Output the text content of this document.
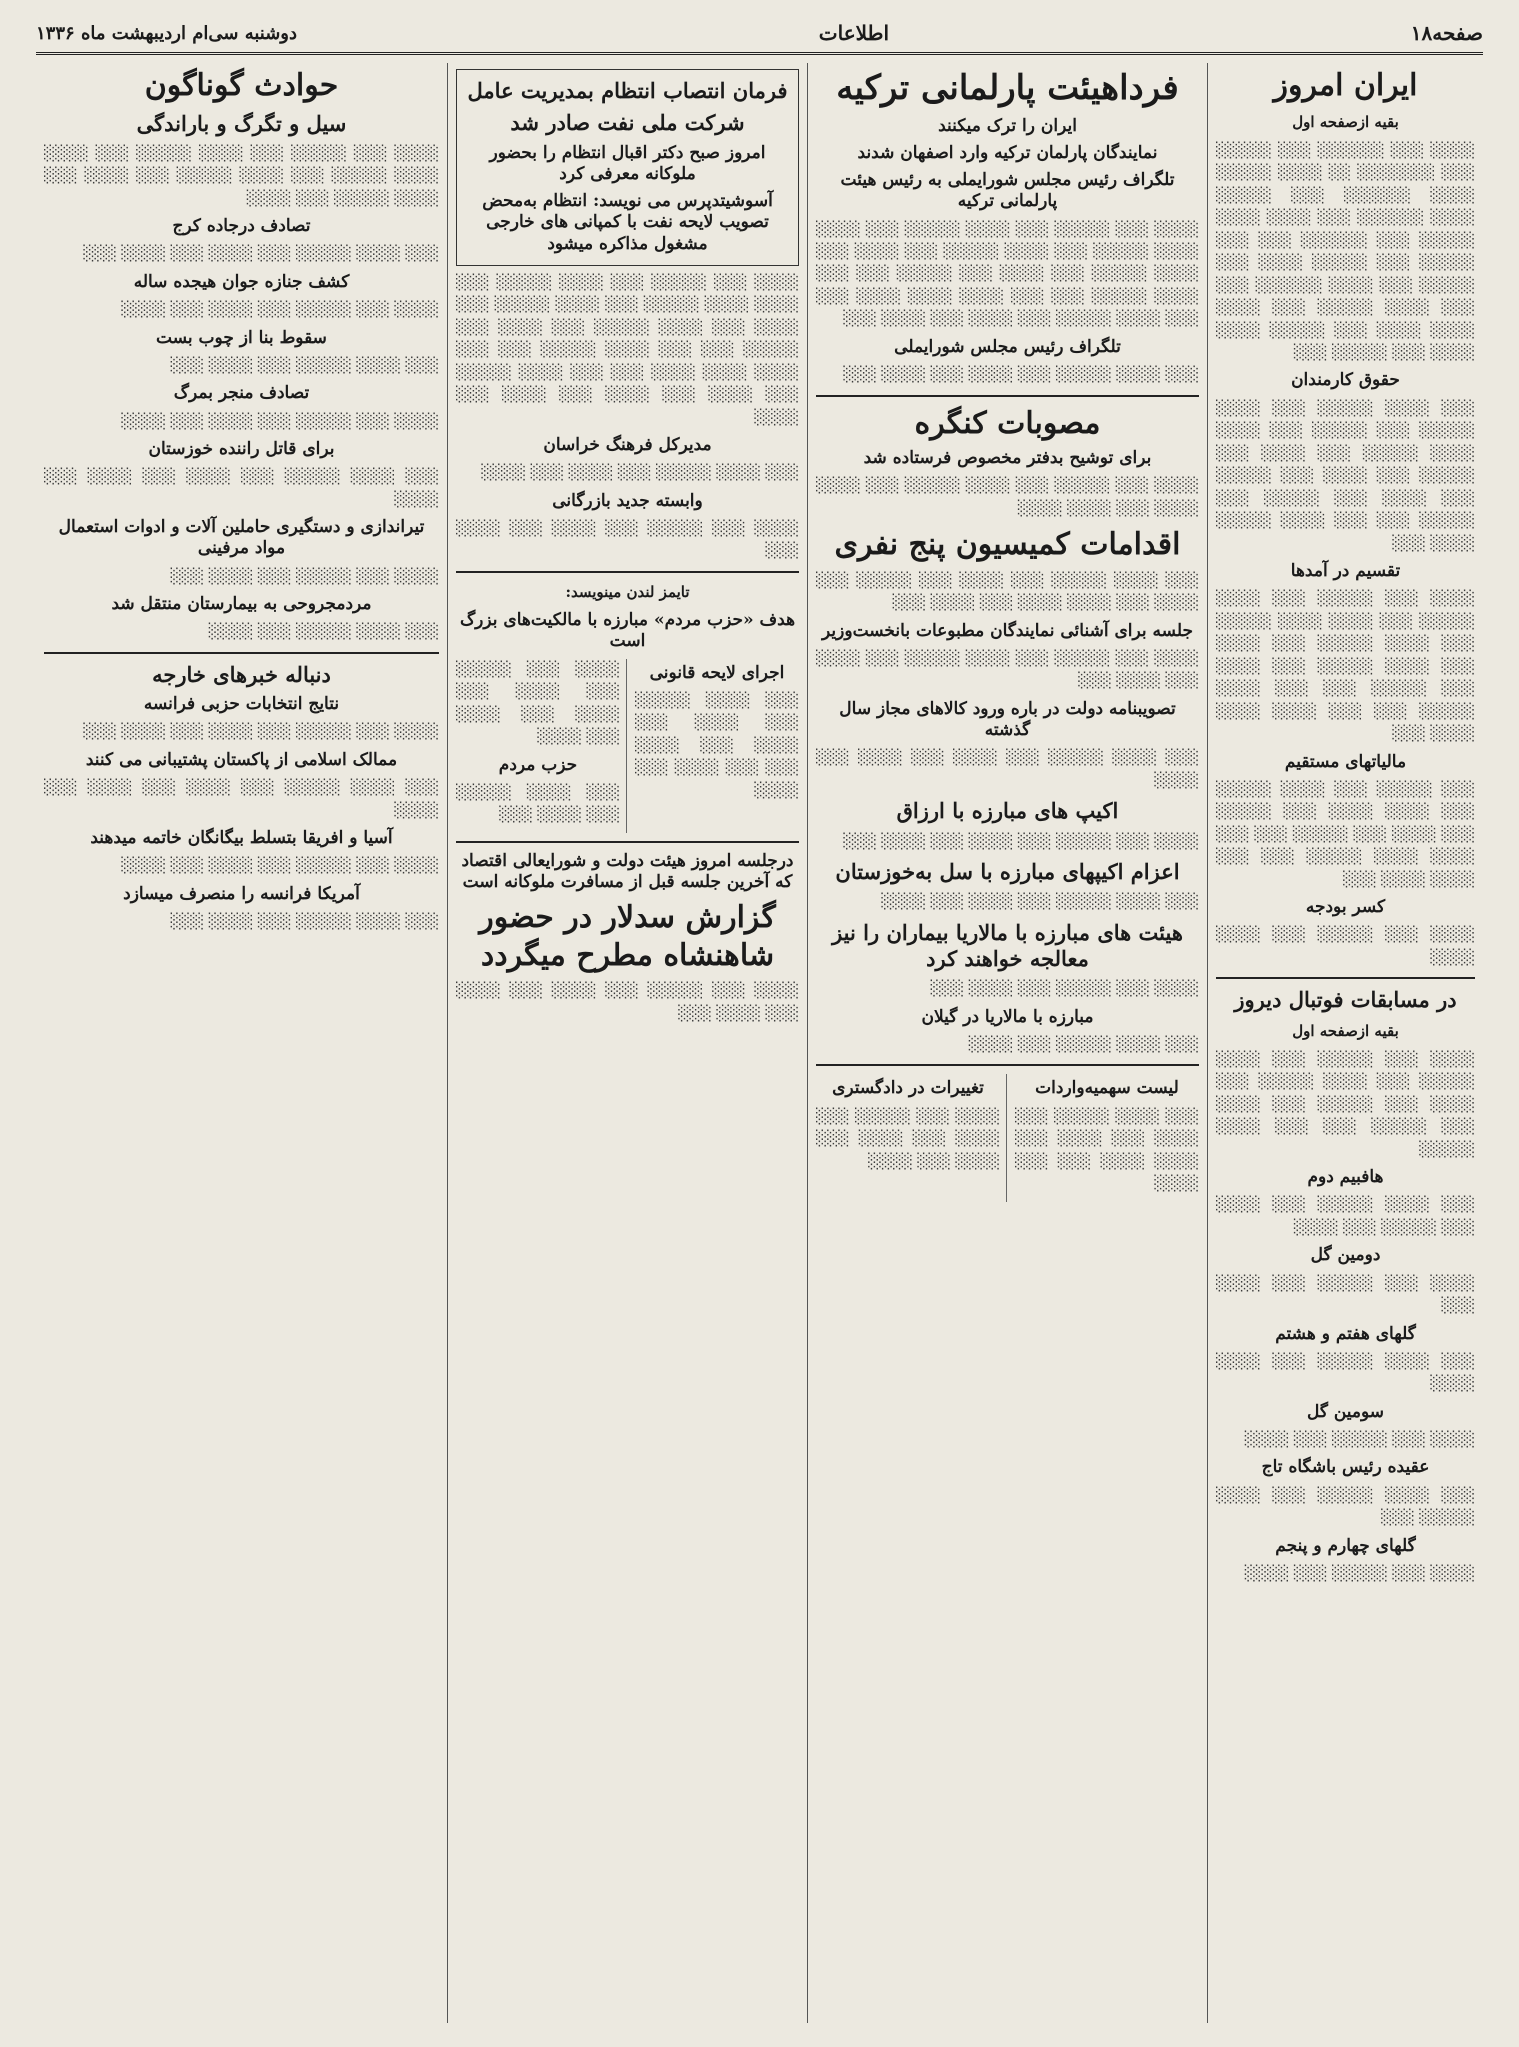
صفحه۱۸
اطلاعات
دوشنبه سی‌ام اردیبهشت ماه ۱۳۳۶
ایران امروز
بقیه ازصفحه اول

░░░░ ░░░ ░░░░░░ ░░░ ░░░░░ ░░░ ░░░░░░░ ░░ ░░░░ ░░░░░ ░░░░ ░░░░░░ ░░░ ░░░░░ ░░░░ ░░░░░░ ░░░ ░░░░ ░░░░ ░░░░░ ░░░ ░░░░░░ ░░░ ░░░ ░░░░░ ░░░ ░░░░░ ░░░░ ░░░ ░░░░░ ░░░ ░░░░ ░░░░░░ ░░░ ░░░ ░░░░ ░░░░░ ░░░ ░░░░ ░░░░ ░░░░ ░░░ ░░░░░ ░░░░ ░░░░ ░░░ ░░░░░ ░░░

حقوق کارمندان

░░░ ░░░░ ░░░░░ ░░░ ░░░░ ░░░░░ ░░░ ░░░░░ ░░░ ░░░░ ░░░░ ░░░░░ ░░░ ░░░░ ░░░ ░░░░░ ░░░ ░░░░ ░░░ ░░░░░ ░░░ ░░░░ ░░░ ░░░░░ ░░░ ░░░░░ ░░░ ░░░ ░░░░ ░░░░░ ░░░░ ░░░

تقسیم در آمدها

░░░░ ░░░ ░░░░░ ░░░ ░░░░ ░░░░░ ░░░ ░░░░ ░░░░ ░░░░░ ░░░ ░░░░ ░░░░░ ░░░ ░░░░ ░░░ ░░░░ ░░░░░ ░░░ ░░░░ ░░░ ░░░░░ ░░░ ░░░ ░░░░ ░░░░░ ░░░ ░░░ ░░░░ ░░░░ ░░░░ ░░░

مالیاتهای مستقیم

░░░ ░░░░░ ░░░ ░░░░ ░░░░░ ░░░ ░░░░ ░░░░ ░░░ ░░░░░ ░░░ ░░░░ ░░░ ░░░░░ ░░░ ░░░ ░░░░ ░░░░ ░░░░░ ░░░ ░░░ ░░░░ ░░░░ ░░░

کسر بودجه

░░░░ ░░░ ░░░░░ ░░░ ░░░░ ░░░░

در مسابقات فوتبال دیروز
بقیه ازصفحه اول

░░░░ ░░░ ░░░░░ ░░░ ░░░░ ░░░░░ ░░░ ░░░░ ░░░░░ ░░░ ░░░░ ░░░ ░░░░░ ░░░ ░░░░ ░░░ ░░░░░ ░░░ ░░░ ░░░░ ░░░░░

هافبیم دوم

░░░ ░░░░ ░░░░░ ░░░ ░░░░ ░░░ ░░░░░ ░░░ ░░░░

دومین گل

░░░░ ░░░ ░░░░░ ░░░ ░░░░ ░░░

گلهای هفتم و هشتم

░░░ ░░░░ ░░░░░ ░░░ ░░░░ ░░░░

سومین گل

░░░░ ░░░ ░░░░░ ░░░ ░░░░

عقیده رئیس باشگاه تاج

░░░ ░░░░ ░░░░░ ░░░ ░░░░ ░░░░░ ░░░

گلهای چهارم و پنجم

░░░░ ░░░ ░░░░░ ░░░ ░░░░

فرداهیئت پارلمانی ترکیه
ایران را ترک میکنند
نمایندگان پارلمان ترکیه وارد اصفهان شدند
تلگراف رئیس مجلس شورایملی به رئیس هیئت پارلمانی ترکیه

░░░░ ░░░ ░░░░░ ░░░ ░░░░ ░░░░░ ░░░ ░░░░ ░░░░ ░░░░░ ░░░ ░░░░ ░░░░░ ░░░ ░░░░ ░░░ ░░░░ ░░░░░ ░░░ ░░░░ ░░░ ░░░░░ ░░░ ░░░ ░░░░ ░░░░░ ░░░ ░░░ ░░░░ ░░░░ ░░░░ ░░░ ░░░ ░░░░ ░░░░░ ░░░ ░░░░ ░░░ ░░░░ ░░░

تلگراف رئیس مجلس شورایملی

░░░ ░░░░ ░░░░░ ░░░ ░░░░ ░░░ ░░░░ ░░░

مصوبات کنگره
برای توشیح بدفتر مخصوص فرستاده شد

░░░░ ░░░ ░░░░░ ░░░ ░░░░ ░░░░░ ░░░ ░░░░ ░░░░ ░░░ ░░░░ ░░░░

اقدامات کمیسیون پنج نفری

░░░ ░░░░ ░░░░░ ░░░ ░░░░ ░░░ ░░░░░ ░░░ ░░░░ ░░░ ░░░░ ░░░░ ░░░ ░░░░ ░░░

جلسه برای آشنائی نمایندگان مطبوعات بانخست‌وزیر

░░░░ ░░░ ░░░░░ ░░░ ░░░░ ░░░░░ ░░░ ░░░░ ░░░ ░░░░ ░░░

تصویبنامه دولت در باره ورود کالاهای مجاز سال گذشته

░░░ ░░░░ ░░░░░ ░░░ ░░░░ ░░░ ░░░░ ░░░ ░░░░

اکیپ های مبارزه با ارزاق

░░░░ ░░░ ░░░░░ ░░░ ░░░░ ░░░ ░░░░ ░░░

اعزام اکیپهای مبارزه با سل به‌خوزستان

░░░ ░░░░ ░░░░░ ░░░ ░░░░ ░░░ ░░░░

هیئت های مبارزه با مالاریا بیماران را نیز معالجه خواهند کرد

░░░░ ░░░ ░░░░░ ░░░ ░░░░ ░░░

مبارزه با مالاریا در گیلان

░░░ ░░░░ ░░░░░ ░░░ ░░░░

لیست سهمیه‌واردات

░░░ ░░░░ ░░░░░ ░░░ ░░░░ ░░░ ░░░░ ░░░ ░░░░ ░░░░ ░░░ ░░░ ░░░░

تغییرات در دادگستری

░░░░ ░░░ ░░░░░ ░░░ ░░░░ ░░░ ░░░░ ░░░ ░░░░ ░░░ ░░░░

فرمان انتصاب انتظام بمدیریت عامل
شرکت ملی نفت صادر شد
امروز صبح دکتر اقبال انتظام را بحضور ملوکانه معرفی کرد
آسوشیتدپرس می نویسد: انتظام به‌محض تصویب لایحه نفت با کمپانی های خارجی مشغول مذاکره میشود

░░░░ ░░░ ░░░░░ ░░░ ░░░░ ░░░░░ ░░░ ░░░░ ░░░░ ░░░░░ ░░░ ░░░░ ░░░░░ ░░░ ░░░░ ░░░ ░░░░ ░░░░░ ░░░ ░░░░ ░░░ ░░░░░ ░░░ ░░░ ░░░░ ░░░░░ ░░░ ░░░ ░░░░ ░░░░ ░░░░ ░░░ ░░░ ░░░░ ░░░░░ ░░░ ░░░░ ░░░ ░░░░ ░░░ ░░░░ ░░░ ░░░░

مدیرکل فرهنگ خراسان

░░░ ░░░░ ░░░░░ ░░░ ░░░░ ░░░ ░░░░

وابسته جدید بازرگانی

░░░░ ░░░ ░░░░░ ░░░ ░░░░ ░░░ ░░░░ ░░░

تایمز لندن مینویسد:
هدف «حزب مردم» مبارزه با مالکیت‌های بزرگ است
اجرای لایحه قانونی

░░░ ░░░░ ░░░░░ ░░░ ░░░░ ░░░ ░░░░ ░░░ ░░░░ ░░░ ░░░ ░░░░ ░░░ ░░░░

░░░░ ░░░ ░░░░░ ░░░ ░░░░ ░░░ ░░░░ ░░░ ░░░░ ░░░ ░░░░

حزب مردم

░░░ ░░░░ ░░░░░ ░░░ ░░░░ ░░░

درجلسه امروز هیئت دولت و شورایعالی اقتصاد که آخرین جلسه قبل از مسافرت ملوکانه است
گزارش سدلار در حضور شاهنشاه مطرح میگردد

░░░░ ░░░ ░░░░░ ░░░ ░░░░ ░░░ ░░░░ ░░░ ░░░░ ░░░

حوادث گوناگون
سیل و تگرگ و باراندگی

░░░░ ░░░ ░░░░░ ░░░ ░░░░ ░░░░░ ░░░ ░░░░ ░░░░ ░░░░░ ░░░ ░░░░ ░░░░░ ░░░ ░░░░ ░░░ ░░░░ ░░░░░ ░░░ ░░░░

تصادف درجاده کرج

░░░ ░░░░ ░░░░░ ░░░ ░░░░ ░░░ ░░░░ ░░░

کشف جنازه جوان هیجده ساله

░░░░ ░░░ ░░░░░ ░░░ ░░░░ ░░░ ░░░░

سقوط بنا از چوب بست

░░░ ░░░░ ░░░░░ ░░░ ░░░░ ░░░

تصادف منجر بمرگ

░░░░ ░░░ ░░░░░ ░░░ ░░░░ ░░░ ░░░░

برای قاتل راننده خوزستان

░░░ ░░░░ ░░░░░ ░░░ ░░░░ ░░░ ░░░░ ░░░ ░░░░

تیراندازی و دستگیری حاملین آلات و ادوات استعمال مواد مرفینی

░░░░ ░░░ ░░░░░ ░░░ ░░░░ ░░░

مردمجروحی به بیمارستان منتقل شد

░░░ ░░░░ ░░░░░ ░░░ ░░░░

دنباله خبرهای خارجه
نتایج انتخابات حزبی فرانسه

░░░░ ░░░ ░░░░░ ░░░ ░░░░ ░░░ ░░░░ ░░░

ممالک اسلامی از پاکستان پشتیبانی می کنند

░░░ ░░░░ ░░░░░ ░░░ ░░░░ ░░░ ░░░░ ░░░ ░░░░

آسیا و افریقا بتسلط بیگانگان خاتمه میدهند

░░░░ ░░░ ░░░░░ ░░░ ░░░░ ░░░ ░░░░

آمریکا فرانسه را منصرف میسازد

░░░ ░░░░ ░░░░░ ░░░ ░░░░ ░░░
